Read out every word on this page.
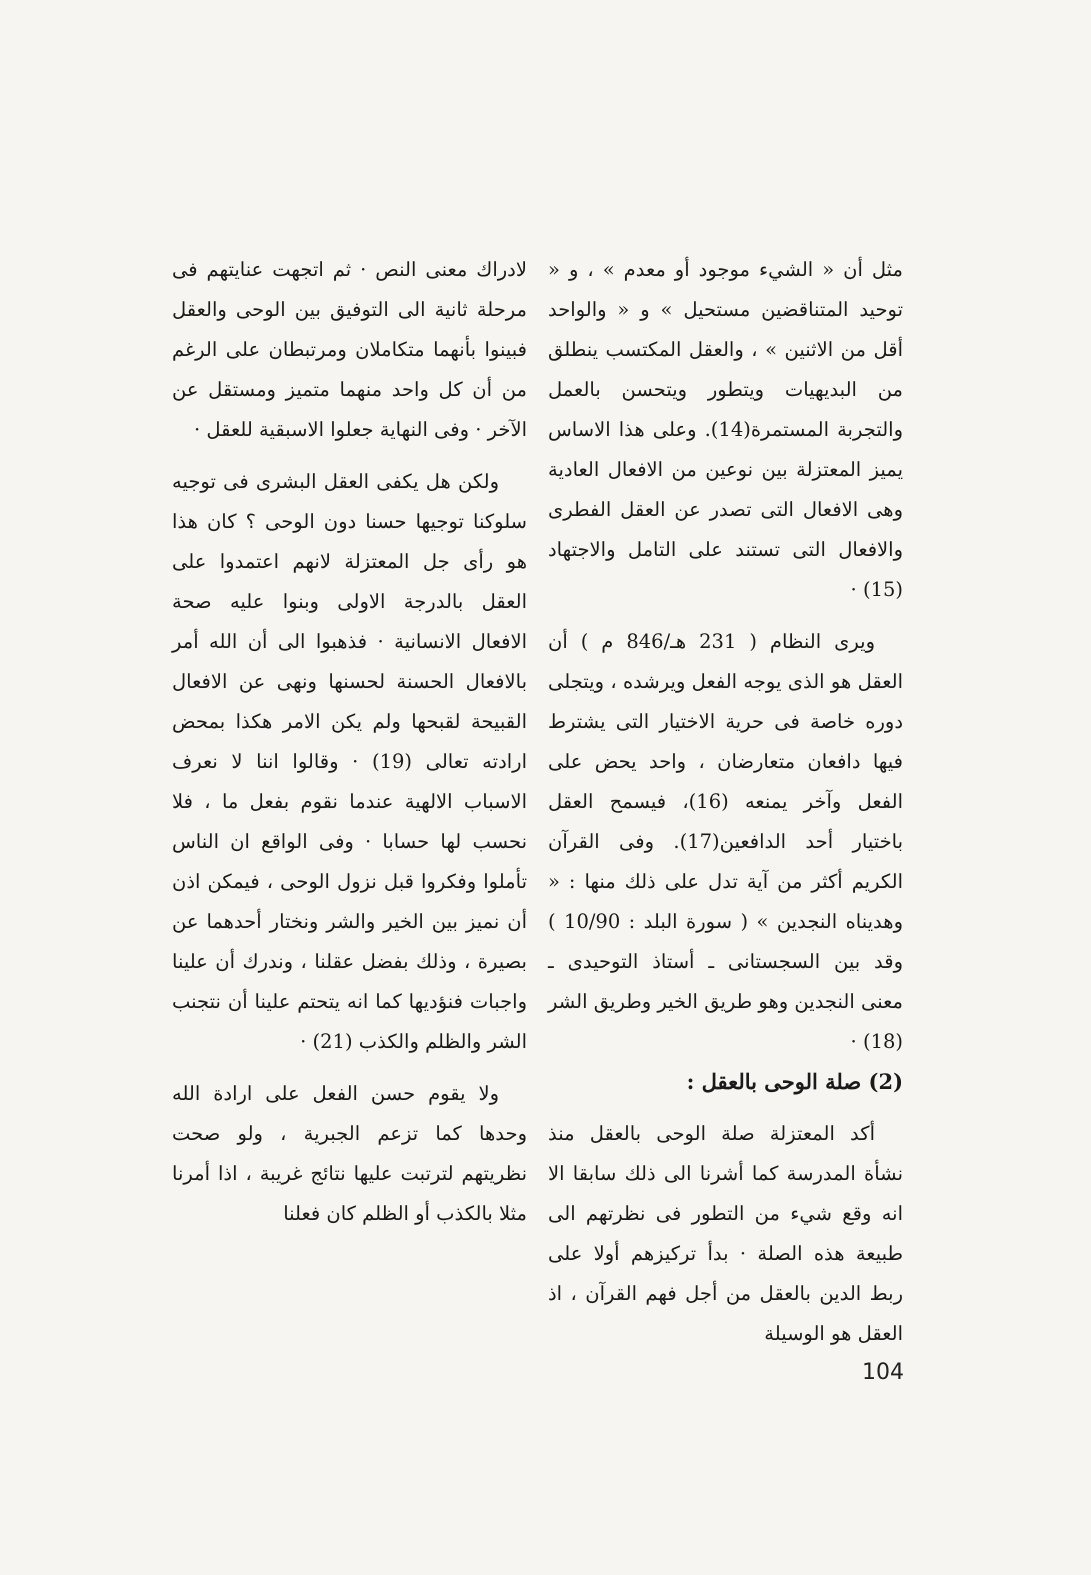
مثل أن « الشيء موجود أو معدم » ، و « توحيد المتناقضين مستحيل » و « والواحد أقل من الاثنين » ، والعقل المكتسب ينطلق من البديهيات ويتطور ويتحسن بالعمل والتجربة المستمرة(14). وعلى هذا الاساس يميز المعتزلة بين نوعين من الافعال العادية وهى الافعال التى تصدر عن العقل الفطرى والافعال التى تستند على التامل والاجتهاد (15) ·

ويرى النظام ( 231 هـ/846 م ) أن العقل هو الذى يوجه الفعل ويرشده ، ويتجلى دوره خاصة فى حرية الاختيار التى يشترط فيها دافعان متعارضان ، واحد يحض على الفعل وآخر يمنعه (16)، فيسمح العقل باختيار أحد الدافعين(17). وفى القرآن الكريم أكثر من آية تدل على ذلك منها : « وهديناه النجدين » ( سورة البلد : 10/90 ) وقد بين السجستانى ـ أستاذ التوحيدى ـ معنى النجدين وهو طريق الخير وطريق الشر (18) ·

(2) صلة الوحى بالعقل :

أكد المعتزلة صلة الوحى بالعقل منذ نشأة المدرسة كما أشرنا الى ذلك سابقا الا انه وقع شيء من التطور فى نظرتهم الى طبيعة هذه الصلة · بدأ تركيزهم أولا على ربط الدين بالعقل من أجل فهم القرآن ، اذ العقل هو الوسيلة

لادراك معنى النص · ثم اتجهت عنايتهم فى مرحلة ثانية الى التوفيق بين الوحى والعقل فبينوا بأنهما متكاملان ومرتبطان على الرغم من أن كل واحد منهما متميز ومستقل عن الآخر · وفى النهاية جعلوا الاسبقية للعقل ·

ولكن هل يكفى العقل البشرى فى توجيه سلوكنا توجيها حسنا دون الوحى ؟ كان هذا هو رأى جل المعتزلة لانهم اعتمدوا على العقل بالدرجة الاولى وبنوا عليه صحة الافعال الانسانية · فذهبوا الى أن الله أمر بالافعال الحسنة لحسنها ونهى عن الافعال القبيحة لقبحها ولم يكن الامر هكذا بمحض ارادته تعالى (19) · وقالوا اننا لا نعرف الاسباب الالهية عندما نقوم بفعل ما ، فلا نحسب لها حسابا · وفى الواقع ان الناس تأملوا وفكروا قبل نزول الوحى ، فيمكن اذن أن نميز بين الخير والشر ونختار أحدهما عن بصيرة ، وذلك بفضل عقلنا ، وندرك أن علينا واجبات فنؤديها كما انه يتحتم علينا أن نتجنب الشر والظلم والكذب (21) ·

ولا يقوم حسن الفعل على ارادة الله وحدها كما تزعم الجبرية ، ولو صحت نظريتهم لترتبت عليها نتائج غريبة ، اذا أمرنا مثلا بالكذب أو الظلم كان فعلنا

104
